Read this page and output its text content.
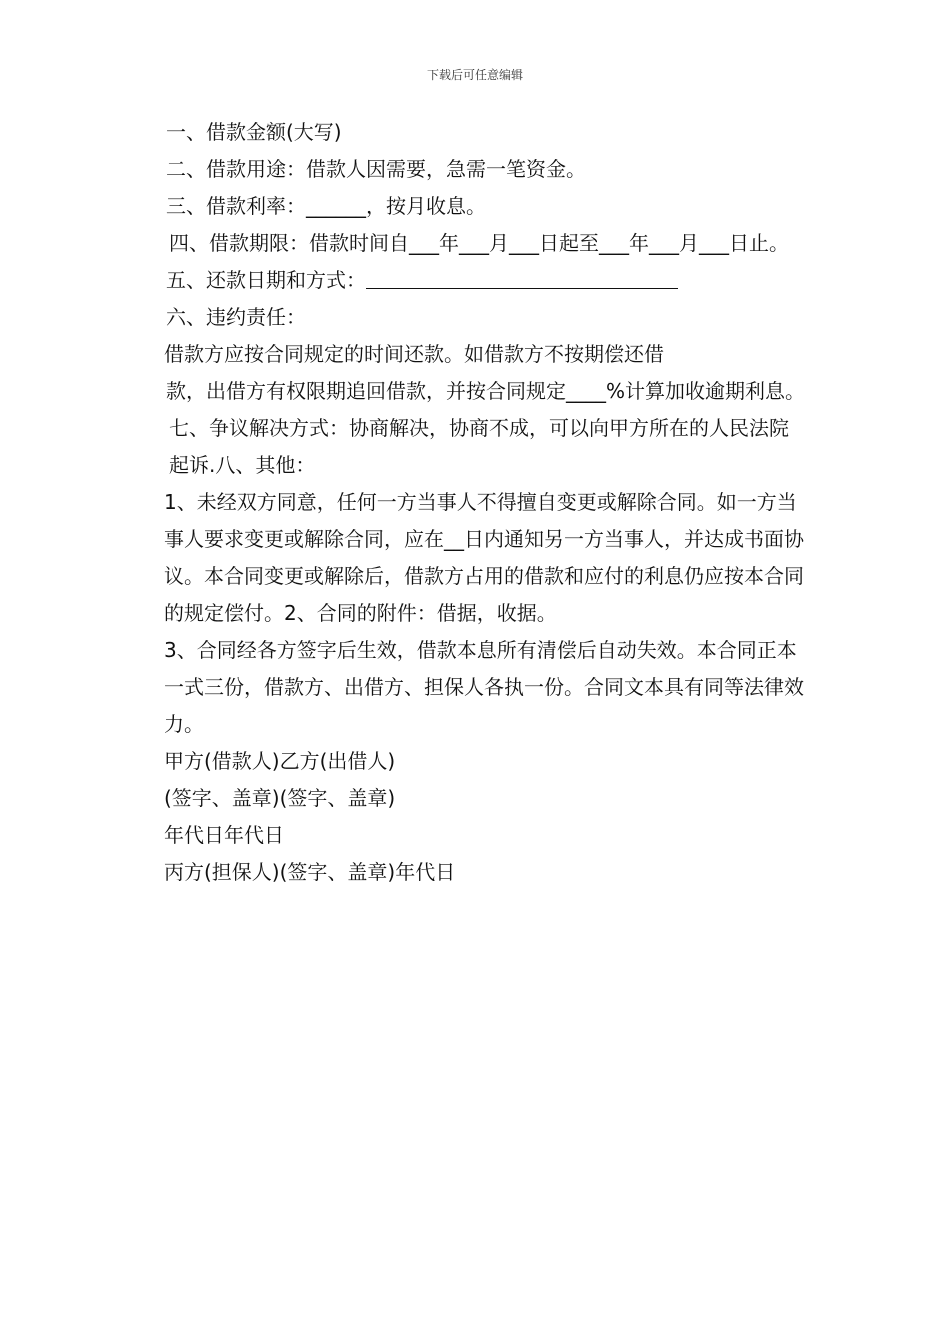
下载后可任意编辑
一、借款金额(大写)
二、借款用途：借款人因需要，急需一笔资金。
三、借款利率：______，按月收息。
四、借款期限：借款时间自___年___月___日起至___年___月___日止。
五、还款日期和方式：
六、违约责任：
借款方应按合同规定的时间还款。如借款方不按期偿还借
款，出借方有权限期追回借款，并按合同规定____%计算加收逾期利息。
七、争议解决方式：协商解决，协商不成，可以向甲方所在的人民法院起诉.八、其他：
1、未经双方同意，任何一方当事人不得擅自变更或解除合同。如一方当事人要求变更或解除合同，应在__日内通知另一方当事人，并达成书面协议。本合同变更或解除后，借款方占用的借款和应付的利息仍应按本合同的规定偿付。2、合同的附件：借据，收据。
3、合同经各方签字后生效，借款本息所有清偿后自动失效。本合同正本一式三份，借款方、出借方、担保人各执一份。合同文本具有同等法律效力。
甲方(借款人)乙方(出借人)
(签字、盖章)(签字、盖章)
年代日年代日
丙方(担保人)(签字、盖章)年代日
